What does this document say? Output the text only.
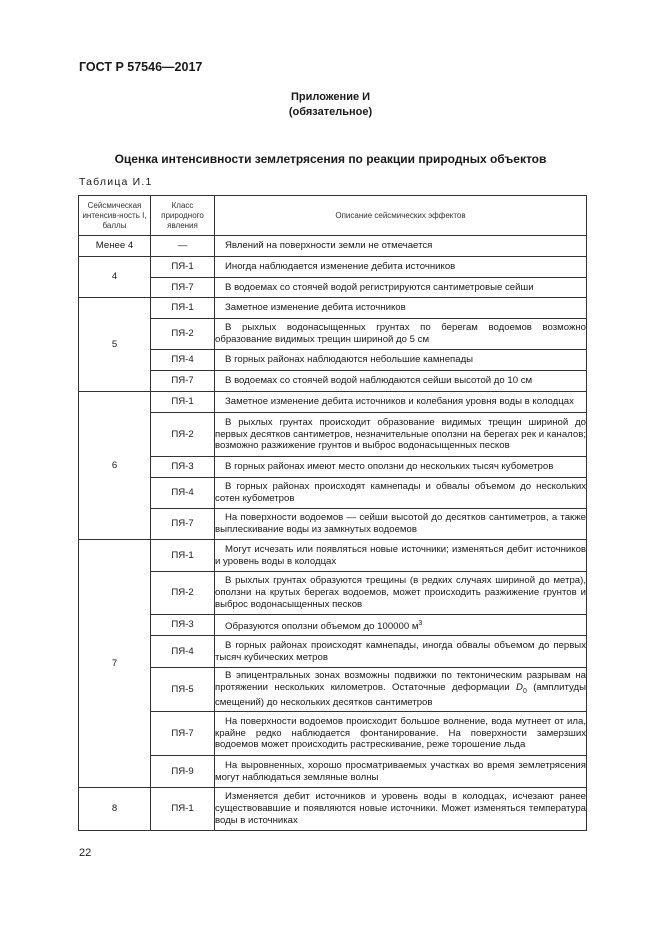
ГОСТ Р 57546—2017
Приложение И
(обязательное)
Оценка интенсивности землетрясения по реакции природных объектов
Таблица И.1
Сейсмическая интенсив-ность I, баллы	Класс природного явления	Описание сейсмических эффектов
Менее 4	—	Явлений на поверхности земли не отмечается

4	ПЯ-1	Иногда наблюдается изменение дебита источников

	ПЯ-7	В водоемах со стоячей водой регистрируются сантиметровые сейши

5	ПЯ-1	Заметное изменение дебита источников

	ПЯ-2	В рыхлых водонасыщенных грунтах по берегам водоемов возможно образование видимых трещин шириной до 5 см

	ПЯ-4	В горных районах наблюдаются небольшие камнепады

	ПЯ-7	В водоемах со стоячей водой наблюдаются сейши высотой до 10 см

6	ПЯ-1	Заметное изменение дебита источников и колебания уровня воды в колодцах

	ПЯ-2	В рыхлых грунтах происходит образование видимых трещин шириной до первых десятков сантиметров, незначительные оползни на берегах рек и каналов; возможно разжижение грунтов и выброс водонасыщенных песков

	ПЯ-3	В горных районах имеют место оползни до нескольких тысяч кубометров

	ПЯ-4	В горных районах происходят камнепады и обвалы объемом до нескольких сотен кубометров

	ПЯ-7	На поверхности водоемов — сейши высотой до десятков сантиметров, а также выплескивание воды из замкнутых водоемов

7	ПЯ-1	Могут исчезать или появляться новые источники; изменяться дебит источников и уровень воды в колодцах

	ПЯ-2	В рыхлых грунтах образуются трещины (в редких случаях шириной до метра), оползни на крутых берегах водоемов, может происходить разжижение грунтов и выброс водонасыщенных песков

	ПЯ-3	Образуются оползни объемом до 100000 $м^3$

	ПЯ-4	В горных районах происходят камнепады, иногда обвалы объемом до первых тысяч кубических метров

	ПЯ-5	В эпицентральных зонах возможны подвижки по тектоническим разрывам на протяжении нескольких километров. Остаточные деформации $D_0$ (амплитуды смещений) до нескольких десятков сантиметров

	ПЯ-7	На поверхности водоемов происходит большое волнение, вода мутнеет от ила, крайне редко наблюдается фонтанирование. На поверхности замерзших водоемов может происходить растрескивание, реже торошение льда

	ПЯ-9	На выровненных, хорошо просматриваемых участках во время землетрясения могут наблюдаться земляные волны

8	ПЯ-1	Изменяется дебит источников и уровень воды в колодцах, исчезают ранее существовавшие и появляются новые источники. Может изменяться температура воды в источниках
22
